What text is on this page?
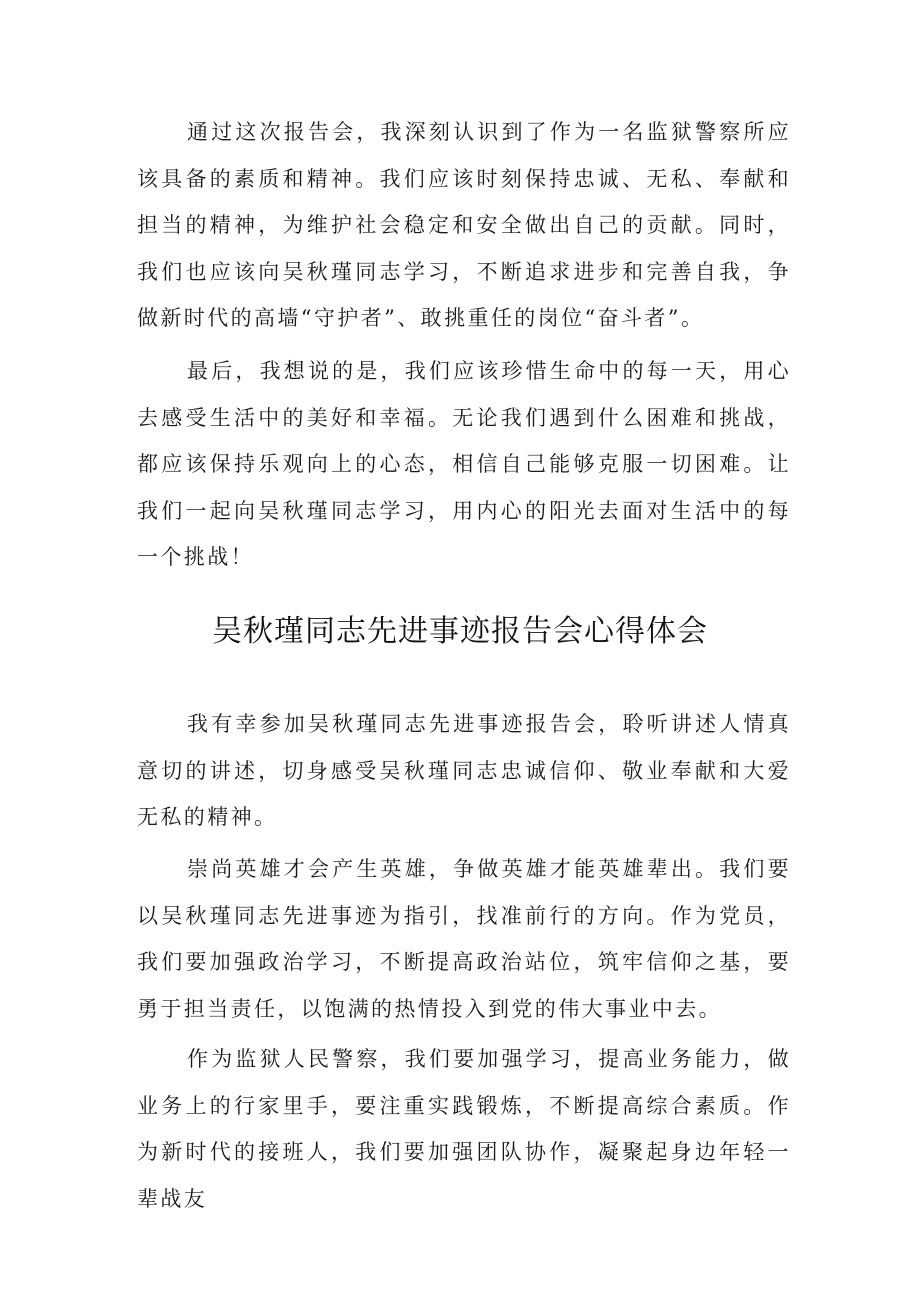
通过这次报告会，我深刻认识到了作为一名监狱警察所应该具备的素质和精神。我们应该时刻保持忠诚、无私、奉献和担当的精神，为维护社会稳定和安全做出自己的贡献。同时，我们也应该向吴秋瑾同志学习，不断追求进步和完善自我，争做新时代的高墙“守护者”、敢挑重任的岗位“奋斗者”。

最后，我想说的是，我们应该珍惜生命中的每一天，用心去感受生活中的美好和幸福。无论我们遇到什么困难和挑战，都应该保持乐观向上的心态，相信自己能够克服一切困难。让我们一起向吴秋瑾同志学习，用内心的阳光去面对生活中的每一个挑战！

吴秋瑾同志先进事迹报告会心得体会

我有幸参加吴秋瑾同志先进事迹报告会，聆听讲述人情真意切的讲述，切身感受吴秋瑾同志忠诚信仰、敬业奉献和大爱无私的精神。

崇尚英雄才会产生英雄，争做英雄才能英雄辈出。我们要以吴秋瑾同志先进事迹为指引，找准前行的方向。作为党员，我们要加强政治学习，不断提高政治站位，筑牢信仰之基，要勇于担当责任，以饱满的热情投入到党的伟大事业中去。

作为监狱人民警察，我们要加强学习，提高业务能力，做业务上的行家里手，要注重实践锻炼，不断提高综合素质。作为新时代的接班人，我们要加强团队协作，凝聚起身边年轻一辈战友
